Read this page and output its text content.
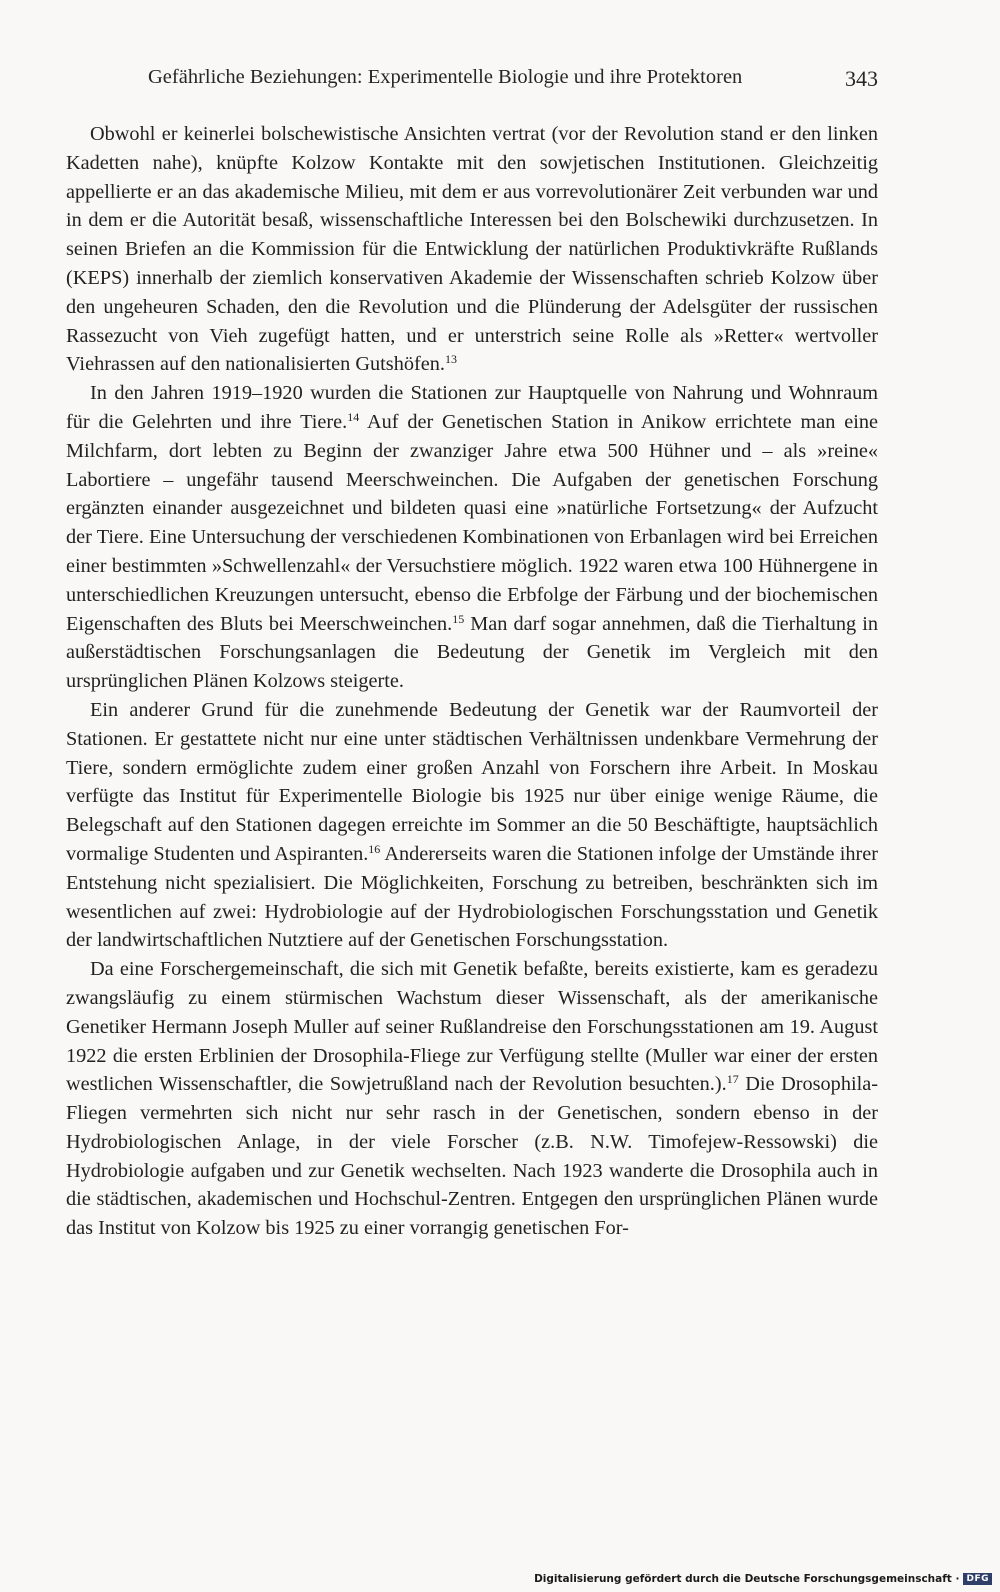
Gefährliche Beziehungen: Experimentelle Biologie und ihre Protektoren	343

Obwohl er keinerlei bolschewistische Ansichten vertrat (vor der Revolution stand er den linken Kadetten nahe), knüpfte Kolzow Kontakte mit den sowjetischen Institutionen. Gleichzeitig appellierte er an das akademische Milieu, mit dem er aus vorrevolutionärer Zeit verbunden war und in dem er die Autorität besaß, wissenschaftliche Interessen bei den Bolschewiki durchzusetzen. In seinen Briefen an die Kommission für die Entwicklung der natürlichen Produktivkräfte Rußlands (KEPS) innerhalb der ziemlich konservativen Akademie der Wissenschaften schrieb Kolzow über den ungeheuren Schaden, den die Revolution und die Plünderung der Adelsgüter der russischen Rassezucht von Vieh zugefügt hatten, und er unterstrich seine Rolle als »Retter« wertvoller Viehrassen auf den nationalisierten Gutshöfen.$^{13}$

In den Jahren 1919–1920 wurden die Stationen zur Hauptquelle von Nahrung und Wohnraum für die Gelehrten und ihre Tiere.$^{14}$ Auf der Genetischen Station in Anikow errichtete man eine Milchfarm, dort lebten zu Beginn der zwanziger Jahre etwa 500 Hühner und – als »reine« Labortiere – ungefähr tausend Meerschweinchen. Die Aufgaben der genetischen Forschung ergänzten einander ausgezeichnet und bildeten quasi eine »natürliche Fortsetzung« der Aufzucht der Tiere. Eine Untersuchung der verschiedenen Kombinationen von Erbanlagen wird bei Erreichen einer bestimmten »Schwellenzahl« der Versuchstiere möglich. 1922 waren etwa 100 Hühnergene in unterschiedlichen Kreuzungen untersucht, ebenso die Erbfolge der Färbung und der biochemischen Eigenschaften des Bluts bei Meerschweinchen.$^{15}$ Man darf sogar annehmen, daß die Tierhaltung in außerstädtischen Forschungsanlagen die Bedeutung der Genetik im Vergleich mit den ursprünglichen Plänen Kolzows steigerte.

Ein anderer Grund für die zunehmende Bedeutung der Genetik war der Raumvorteil der Stationen. Er gestattete nicht nur eine unter städtischen Verhältnissen undenkbare Vermehrung der Tiere, sondern ermöglichte zudem einer großen Anzahl von Forschern ihre Arbeit. In Moskau verfügte das Institut für Experimentelle Biologie bis 1925 nur über einige wenige Räume, die Belegschaft auf den Stationen dagegen erreichte im Sommer an die 50 Beschäftigte, hauptsächlich vormalige Studenten und Aspiranten.$^{16}$ Andererseits waren die Stationen infolge der Umstände ihrer Entstehung nicht spezialisiert. Die Möglichkeiten, Forschung zu betreiben, beschränkten sich im wesentlichen auf zwei: Hydrobiologie auf der Hydrobiologischen Forschungsstation und Genetik der landwirtschaftlichen Nutztiere auf der Genetischen Forschungsstation.

Da eine Forschergemeinschaft, die sich mit Genetik befaßte, bereits existierte, kam es geradezu zwangsläufig zu einem stürmischen Wachstum dieser Wissenschaft, als der amerikanische Genetiker Hermann Joseph Muller auf seiner Rußlandreise den Forschungsstationen am 19. August 1922 die ersten Erblinien der Drosophila-Fliege zur Verfügung stellte (Muller war einer der ersten westlichen Wissenschaftler, die Sowjetrußland nach der Revolution besuchten.).$^{17}$ Die Drosophila-Fliegen vermehrten sich nicht nur sehr rasch in der Genetischen, sondern ebenso in der Hydrobiologischen Anlage, in der viele Forscher (z.B. N.W. Timofejew-Ressowski) die Hydrobiologie aufgaben und zur Genetik wechselten. Nach 1923 wanderte die Drosophila auch in die städtischen, akademischen und Hochschul-Zentren. Entgegen den ursprünglichen Plänen wurde das Institut von Kolzow bis 1925 zu einer vorrangig genetischen For-

Digitalisierung gefördert durch die Deutsche Forschungsgemeinschaft · DFG
